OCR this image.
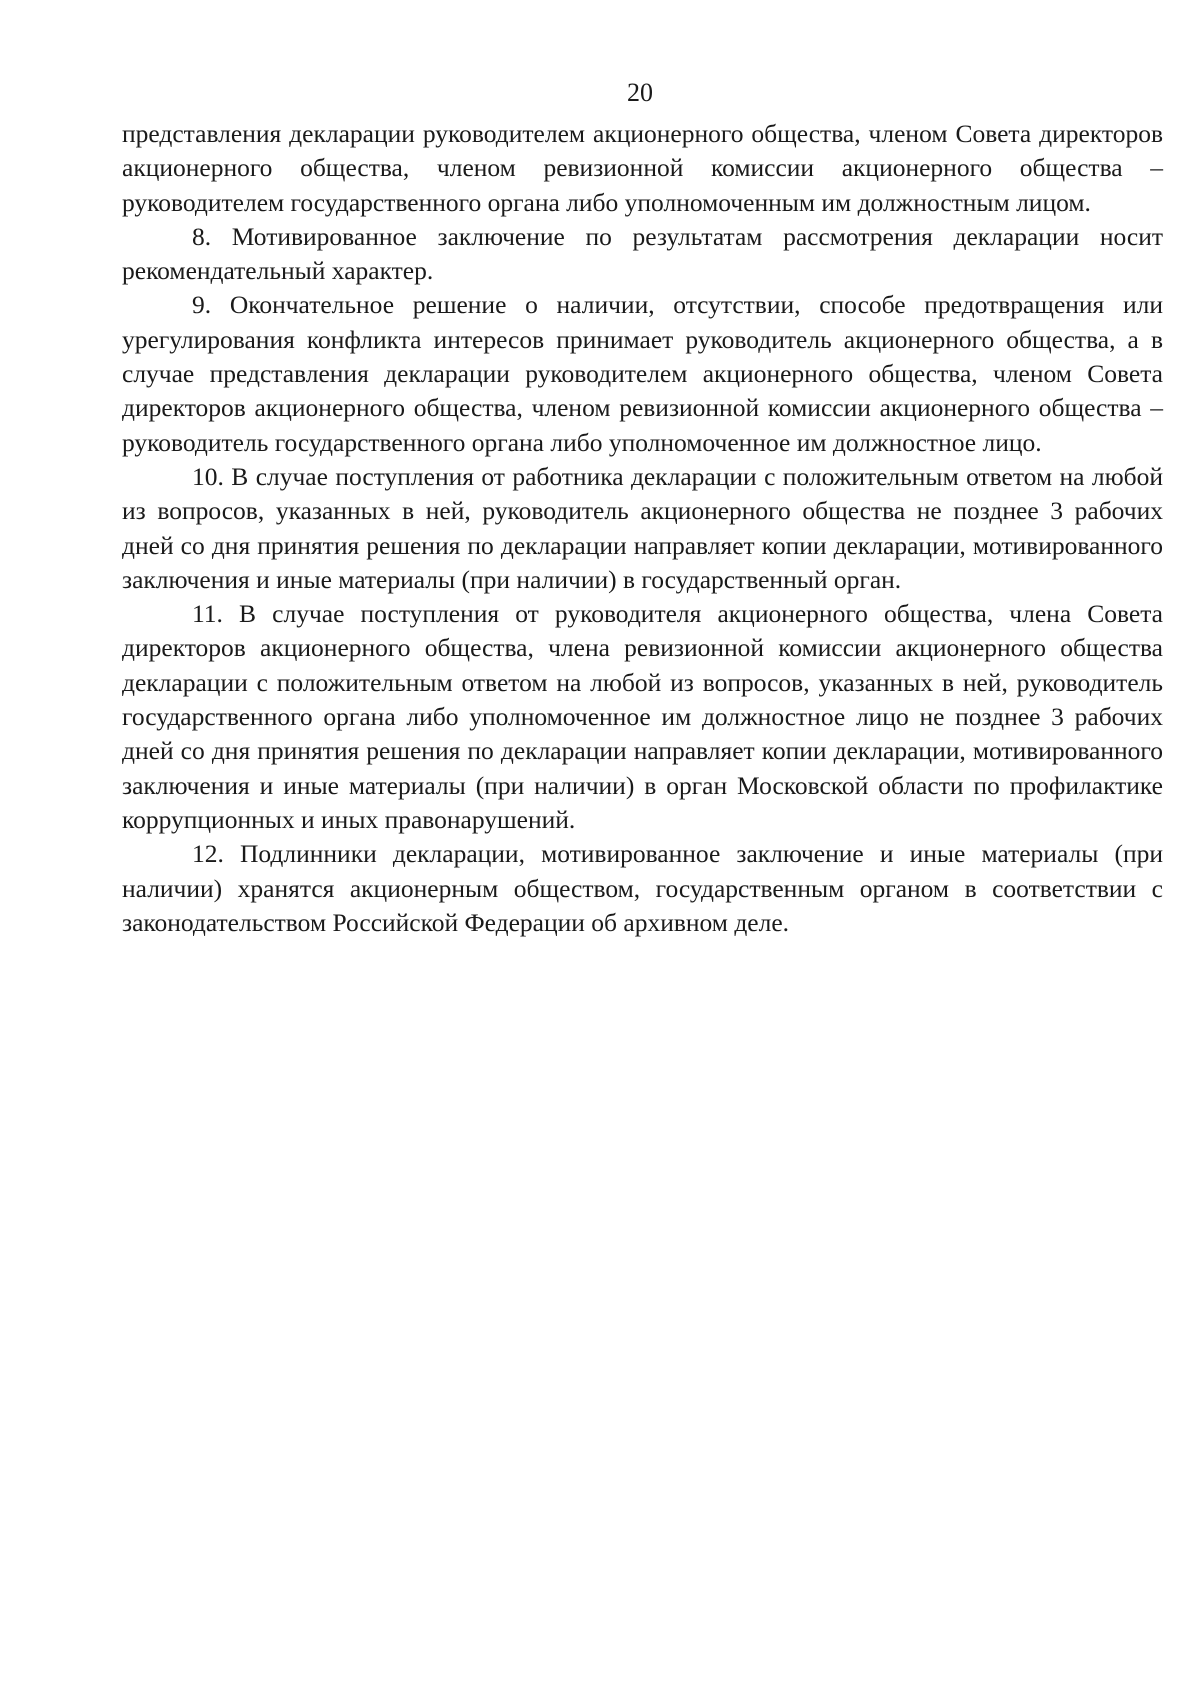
20

представления декларации руководителем акционерного общества, членом Совета директоров акционерного общества, членом ревизионной комиссии акционерного общества – руководителем государственного органа либо уполномоченным им должностным лицом.

8. Мотивированное заключение по результатам рассмотрения декларации носит рекомендательный характер.

9. Окончательное решение о наличии, отсутствии, способе предотвращения или урегулирования конфликта интересов принимает руководитель акционерного общества, а в случае представления декларации руководителем акционерного общества, членом Совета директоров акционерного общества, членом ревизионной комиссии акционерного общества – руководитель государственного органа либо уполномоченное им должностное лицо.

10. В случае поступления от работника декларации с положительным ответом на любой из вопросов, указанных в ней, руководитель акционерного общества не позднее 3 рабочих дней со дня принятия решения по декларации направляет копии декларации, мотивированного заключения и иные материалы (при наличии) в государственный орган.

11. В случае поступления от руководителя акционерного общества, члена Совета директоров акционерного общества, члена ревизионной комиссии акционерного общества декларации с положительным ответом на любой из вопросов, указанных в ней, руководитель государственного органа либо уполномоченное им должностное лицо не позднее 3 рабочих дней со дня принятия решения по декларации направляет копии декларации, мотивированного заключения и иные материалы (при наличии) в орган Московской области по профилактике коррупционных и иных правонарушений.

12. Подлинники декларации, мотивированное заключение и иные материалы (при наличии) хранятся акционерным обществом, государственным органом в соответствии с законодательством Российской Федерации об архивном деле.
